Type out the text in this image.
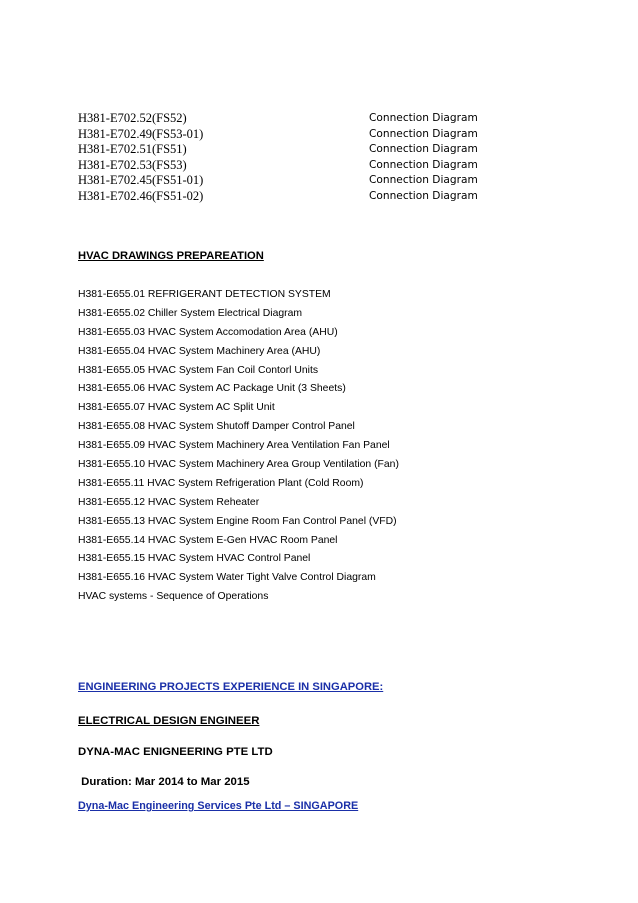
H381-E702.52(FS52)	Connection Diagram
H381-E702.49(FS53-01)	Connection Diagram
H381-E702.51(FS51)	Connection Diagram
H381-E702.53(FS53)	Connection Diagram
H381-E702.45(FS51-01)	Connection Diagram
H381-E702.46(FS51-02)	Connection Diagram
HVAC DRAWINGS PREPAREATION
H381-E655.01 REFRIGERANT DETECTION SYSTEM
H381-E655.02 Chiller System Electrical Diagram
H381-E655.03 HVAC System Accomodation Area (AHU)
H381-E655.04 HVAC System Machinery Area (AHU)
H381-E655.05 HVAC System Fan Coil Contorl Units
H381-E655.06 HVAC System AC Package Unit (3 Sheets)
H381-E655.07 HVAC System AC Split Unit
H381-E655.08 HVAC System Shutoff Damper Control Panel
H381-E655.09 HVAC System Machinery Area Ventilation Fan Panel
H381-E655.10 HVAC System Machinery Area Group Ventilation (Fan)
H381-E655.11 HVAC System Refrigeration Plant (Cold Room)
H381-E655.12 HVAC System Reheater
H381-E655.13 HVAC System Engine Room Fan Control Panel (VFD)
H381-E655.14 HVAC System E-Gen HVAC Room Panel
H381-E655.15 HVAC System HVAC Control Panel
H381-E655.16 HVAC System Water Tight Valve Control Diagram
HVAC systems - Sequence of Operations
ENGINEERING PROJECTS EXPERIENCE IN SINGAPORE:
ELECTRICAL DESIGN ENGINEER
DYNA-MAC ENIGNEERING PTE LTD
Duration: Mar 2014 to Mar 2015
Dyna-Mac Engineering Services Pte Ltd – SINGAPORE
